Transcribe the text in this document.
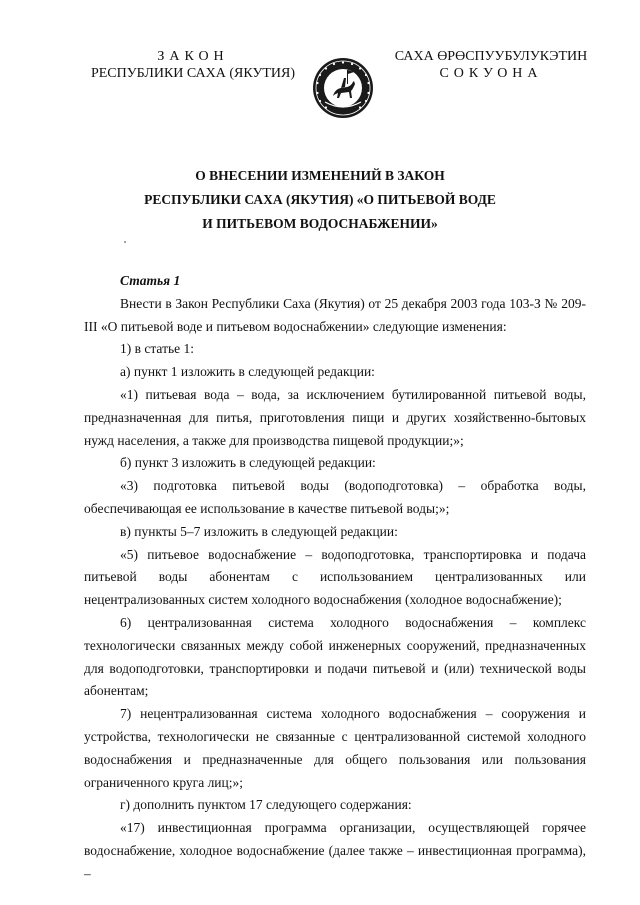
ЗАКОН
РЕСПУБЛИКИ САХА (ЯКУТИЯ)
САХА ӨРӨСПУУБУЛУКЭТИН
СОКУОНА
О ВНЕСЕНИИ ИЗМЕНЕНИЙ В ЗАКОН
РЕСПУБЛИКИ САХА (ЯКУТИЯ) «О ПИТЬЕВОЙ ВОДЕ
И ПИТЬЕВОМ ВОДОСНАБЖЕНИИ»

Статья 1

Внести в Закон Республики Саха (Якутия) от 25 декабря 2003 года 103-З № 209-III «О питьевой воде и питьевом водоснабжении» следующие изменения:

1) в статье 1:

а) пункт 1 изложить в следующей редакции:

«1) питьевая вода – вода, за исключением бутилированной питьевой воды, предназначенная для питья, приготовления пищи и других хозяйственно-бытовых нужд населения, а также для производства пищевой продукции;»;

б) пункт 3 изложить в следующей редакции:

«3) подготовка питьевой воды (водоподготовка) – обработка воды, обеспечивающая ее использование в качестве питьевой воды;»;

в) пункты 5–7 изложить в следующей редакции:

«5) питьевое водоснабжение – водоподготовка, транспортировка и подача питьевой воды абонентам с использованием централизованных или нецентрализованных систем холодного водоснабжения (холодное водоснабжение);

6) централизованная система холодного водоснабжения – комплекс технологически связанных между собой инженерных сооружений, предназначенных для водоподготовки, транспортировки и подачи питьевой и (или) технической воды абонентам;

7) нецентрализованная система холодного водоснабжения – сооружения и устройства, технологически не связанные с централизованной системой холодного водоснабжения и предназначенные для общего пользования или пользования ограниченного круга лиц;»;

г) дополнить пунктом 17 следующего содержания:

«17) инвестиционная программа организации, осуществляющей горячее водоснабжение, холодное водоснабжение (далее также – инвестиционная программа), –
